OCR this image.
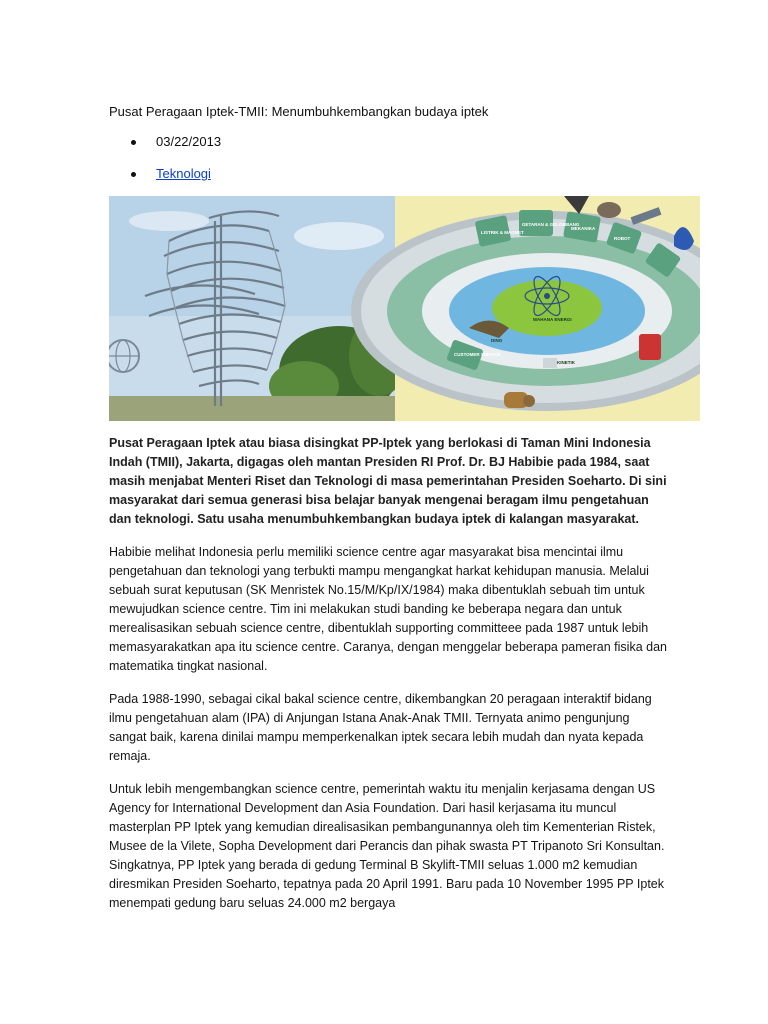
Pusat Peragaan Iptek-TMII: Menumbuhkembangkan budaya iptek
03/22/2013
Teknologi
LISTRIK & MAGNET
GETARAN & GELOMBANG
MEKANIKA
ROBOT
CUSTOMER SERVICE
WAHANA ENERGI
DINO
KINETIK

Pusat Peragaan Iptek atau biasa disingkat PP-Iptek yang berlokasi di Taman Mini Indonesia Indah (TMII), Jakarta, digagas oleh mantan Presiden RI Prof. Dr. BJ Habibie pada 1984, saat masih menjabat Menteri Riset dan Teknologi di masa pemerintahan Presiden Soeharto. Di sini masyarakat dari semua generasi bisa belajar banyak mengenai beragam ilmu pengetahuan dan teknologi. Satu usaha menumbuhkembangkan budaya iptek di kalangan masyarakat.

Habibie melihat Indonesia perlu memiliki science centre agar masyarakat bisa mencintai ilmu pengetahuan dan teknologi yang terbukti mampu mengangkat harkat kehidupan manusia. Melalui sebuah surat keputusan (SK Menristek No.15/M/Kp/IX/1984) maka dibentuklah sebuah tim untuk mewujudkan science centre. Tim ini melakukan studi banding ke beberapa negara dan untuk merealisasikan sebuah science centre, dibentuklah supporting committeee pada 1987 untuk lebih memasyarakatkan apa itu science centre. Caranya, dengan menggelar beberapa pameran fisika dan matematika tingkat nasional.

Pada 1988-1990, sebagai cikal bakal science centre, dikembangkan 20 peragaan interaktif bidang ilmu pengetahuan alam (IPA) di Anjungan Istana Anak-Anak TMII. Ternyata animo pengunjung sangat baik, karena dinilai mampu memperkenalkan iptek secara lebih mudah dan nyata kepada remaja.

Untuk lebih mengembangkan science centre, pemerintah waktu itu menjalin kerjasama dengan US Agency for International Development dan Asia Foundation. Dari hasil kerjasama itu muncul masterplan PP Iptek yang kemudian direalisasikan pembangunannya oleh tim Kementerian Ristek, Musee de la Vilete, Sopha Development dari Perancis dan pihak swasta PT Tripanoto Sri Konsultan. Singkatnya, PP Iptek yang berada di gedung Terminal B Skylift-TMII seluas 1.000 m2 kemudian diresmikan Presiden Soeharto, tepatnya pada 20 April 1991. Baru pada 10 November 1995 PP Iptek menempati gedung baru seluas 24.000 m2 bergaya
